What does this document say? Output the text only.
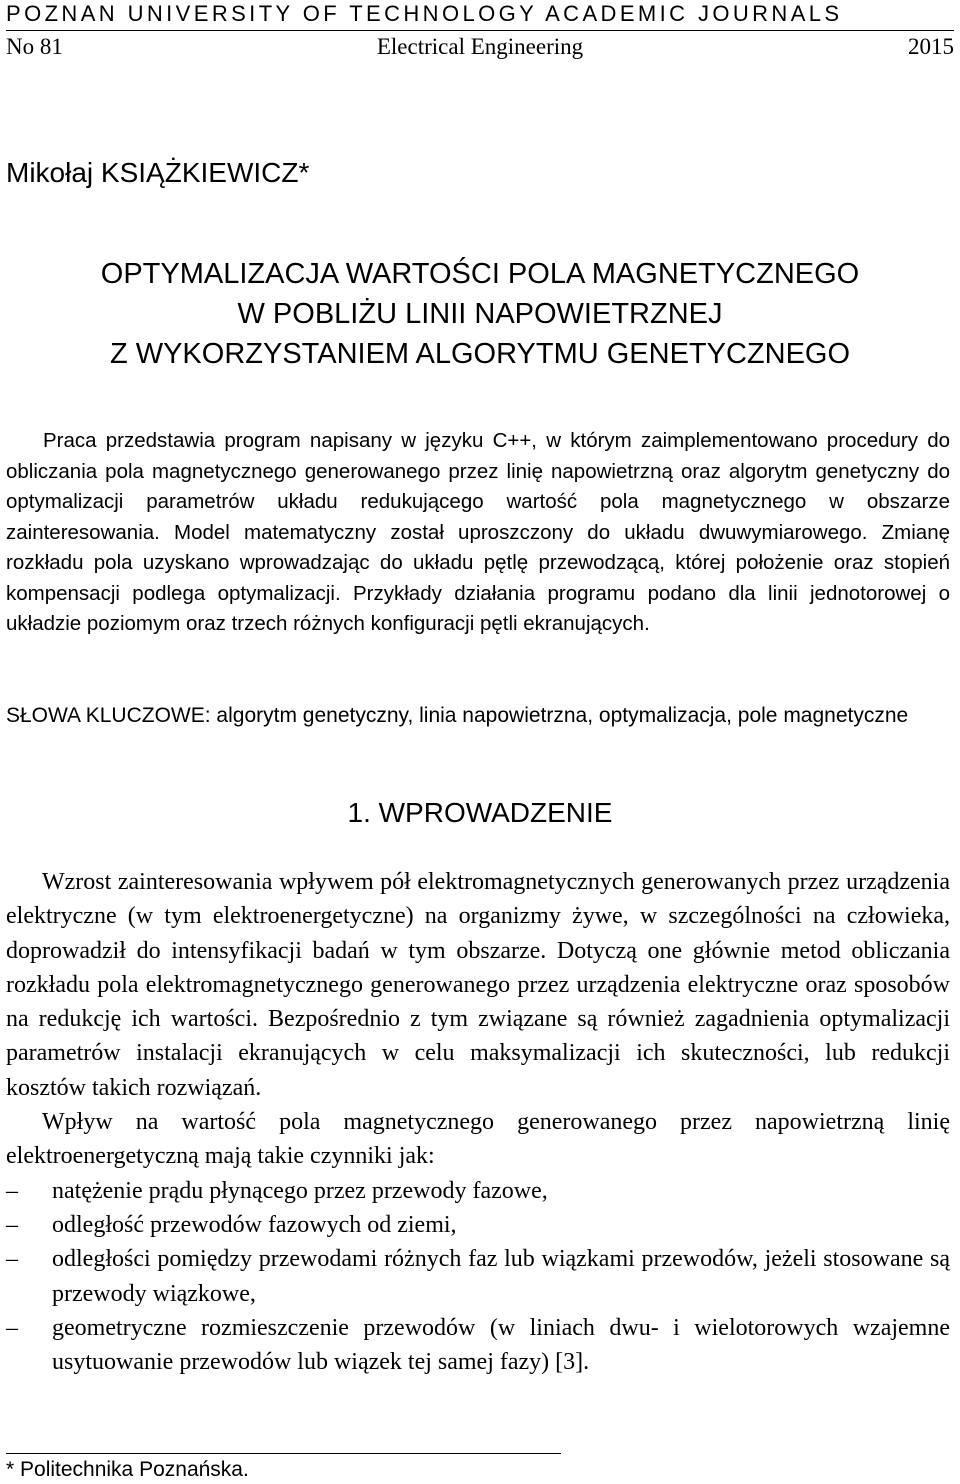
POZNAN UNIVERSITY OF TECHNOLOGY ACADEMIC JOURNALS
No 81	Electrical Engineering	2015
Mikołaj KSIĄŻKIEWICZ*
OPTYMALIZACJA WARTOŚCI POLA MAGNETYCZNEGO
W POBLIŻU LINII NAPOWIETRZNEJ
Z WYKORZYSTANIEM ALGORYTMU GENETYCZNEGO

Praca przedstawia program napisany w języku C++, w którym zaimplementowano procedury do obliczania pola magnetycznego generowanego przez linię napowietrzną oraz algorytm genetyczny do optymalizacji parametrów układu redukującego wartość pola magnetycznego w obszarze zainteresowania. Model matematyczny został uproszczony do układu dwuwymiarowego. Zmianę rozkładu pola uzyskano wprowadzając do układu pętlę przewodzącą, której położenie oraz stopień kompensacji podlega optymalizacji. Przykłady działania programu podano dla linii jednotorowej o układzie poziomym oraz trzech różnych konfiguracji pętli ekranujących.

SŁOWA KLUCZOWE: algorytm genetyczny, linia napowietrzna, optymalizacja, pole magnetyczne

1. WPROWADZENIE

Wzrost zainteresowania wpływem pół elektromagnetycznych generowanych przez urządzenia elektryczne (w tym elektroenergetyczne) na organizmy żywe, w szczególności na człowieka, doprowadził do intensyfikacji badań w tym obszarze. Dotyczą one głównie metod obliczania rozkładu pola elektromagnetycznego generowanego przez urządzenia elektryczne oraz sposobów na redukcję ich wartości. Bezpośrednio z tym związane są również zagadnienia optymalizacji parametrów instalacji ekranujących w celu maksymalizacji ich skuteczności, lub redukcji kosztów takich rozwiązań.

Wpływ na wartość pola magnetycznego generowanego przez napowietrzną linię elektroenergetyczną mają takie czynniki jak:

– natężenie prądu płynącego przez przewody fazowe,
– odległość przewodów fazowych od ziemi,
– odległości pomiędzy przewodami różnych faz lub wiązkami przewodów, jeżeli stosowane są przewody wiązkowe,
– geometryczne rozmieszczenie przewodów (w liniach dwu- i wielotorowych wzajemne usytuowanie przewodów lub wiązek tej samej fazy) [3].
* Politechnika Poznańska.
